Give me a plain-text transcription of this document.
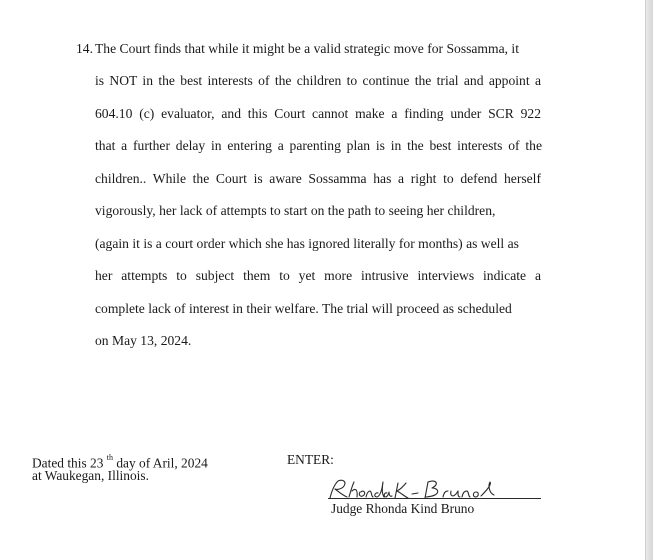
14. The Court finds that while it might be a valid strategic move for Sossamma, it
is NOT in the best interests of the children to continue the trial and appoint a
604.10 (c) evaluator, and this Court cannot make a finding under SCR 922
that a further delay in entering a parenting plan is in the best interests of the
children.. While the Court is aware Sossamma has a right to defend herself
vigorously, her lack of attempts to start on the path to seeing her children,
(again it is a court order which she has ignored literally for months) as well as
her attempts to subject them to yet more intrusive interviews indicate a
complete lack of interest in their welfare. The trial will proceed as scheduled
on May 13, 2024.
Dated this 23 $^{th}$ day of Aril, 2024
at Waukegan, Illinois.
ENTER:
Judge Rhonda Kind Bruno
